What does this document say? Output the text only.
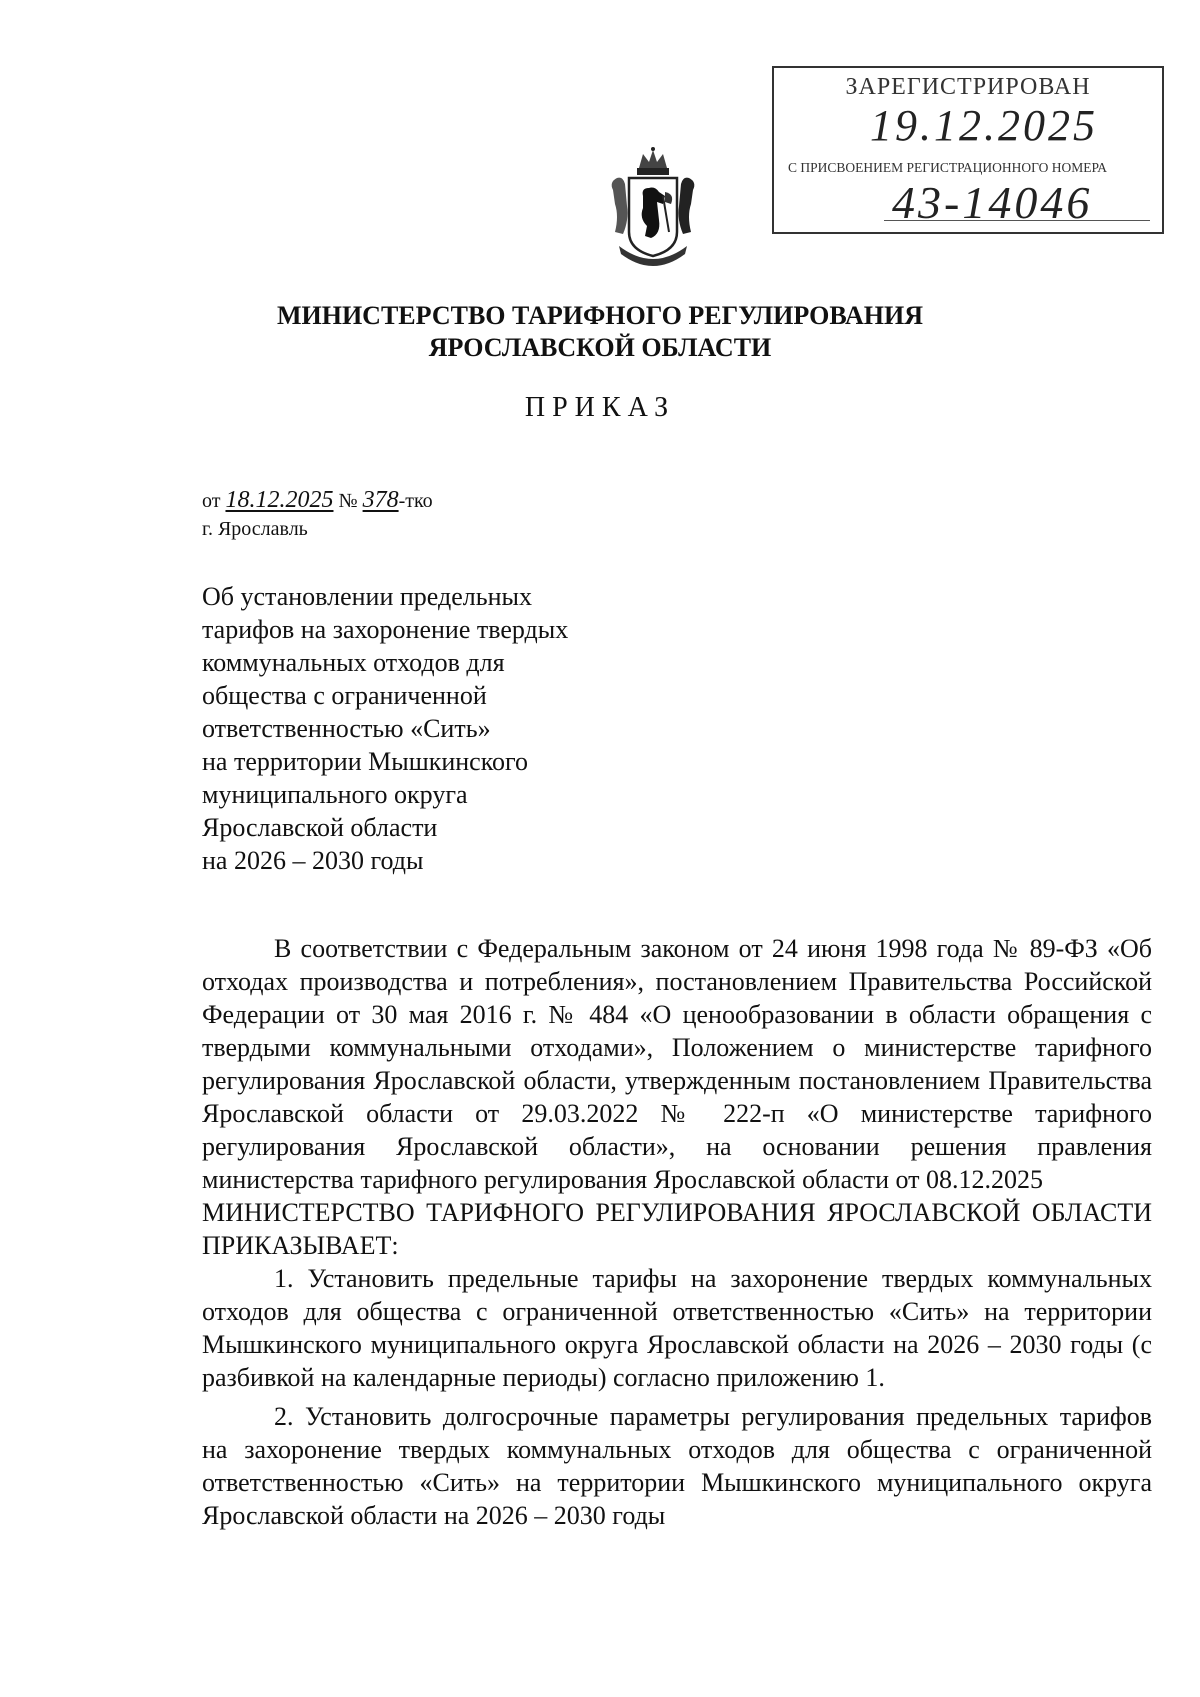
ЗАРЕГИСТРИРОВАН
19.12.2025
С ПРИСВОЕНИЕМ РЕГИСТРАЦИОННОГО НОМЕРА
43-14046
МИНИСТЕРСТВО ТАРИФНОГО РЕГУЛИРОВАНИЯ
ЯРОСЛАВСКОЙ ОБЛАСТИ
ПРИКАЗ
от 18.12.2025 № 378-тко
г. Ярославль
Об установлении предельных
тарифов на захоронение твердых
коммунальных отходов для
общества с ограниченной
ответственностью «Сить»
на территории Мышкинского
муниципального округа
Ярославской области
на 2026 – 2030 годы

В соответствии с Федеральным законом от 24 июня 1998 года № 89-ФЗ «Об отходах производства и потребления», постановлением Правительства Российской Федерации от 30 мая 2016 г. № 484 «О ценообразовании в области обращения с твердыми коммунальными отходами», Положением о министерстве тарифного регулирования Ярославской области, утвержденным постановлением Правительства Ярославской области от 29.03.2022 № 222-п «О министерстве тарифного регулирования Ярославской области», на основании решения правления министерства тарифного регулирования Ярославской области от 08.12.2025

МИНИСТЕРСТВО ТАРИФНОГО РЕГУЛИРОВАНИЯ ЯРОСЛАВСКОЙ ОБЛАСТИ ПРИКАЗЫВАЕТ:

1. Установить предельные тарифы на захоронение твердых коммунальных отходов для общества с ограниченной ответственностью «Сить» на территории Мышкинского муниципального округа Ярославской области на 2026 – 2030 годы (с разбивкой на календарные периоды) согласно приложению 1.

2. Установить долгосрочные параметры регулирования предельных тарифов на захоронение твердых коммунальных отходов для общества с ограниченной ответственностью «Сить» на территории Мышкинского муниципального округа Ярославской области на 2026 – 2030 годы
